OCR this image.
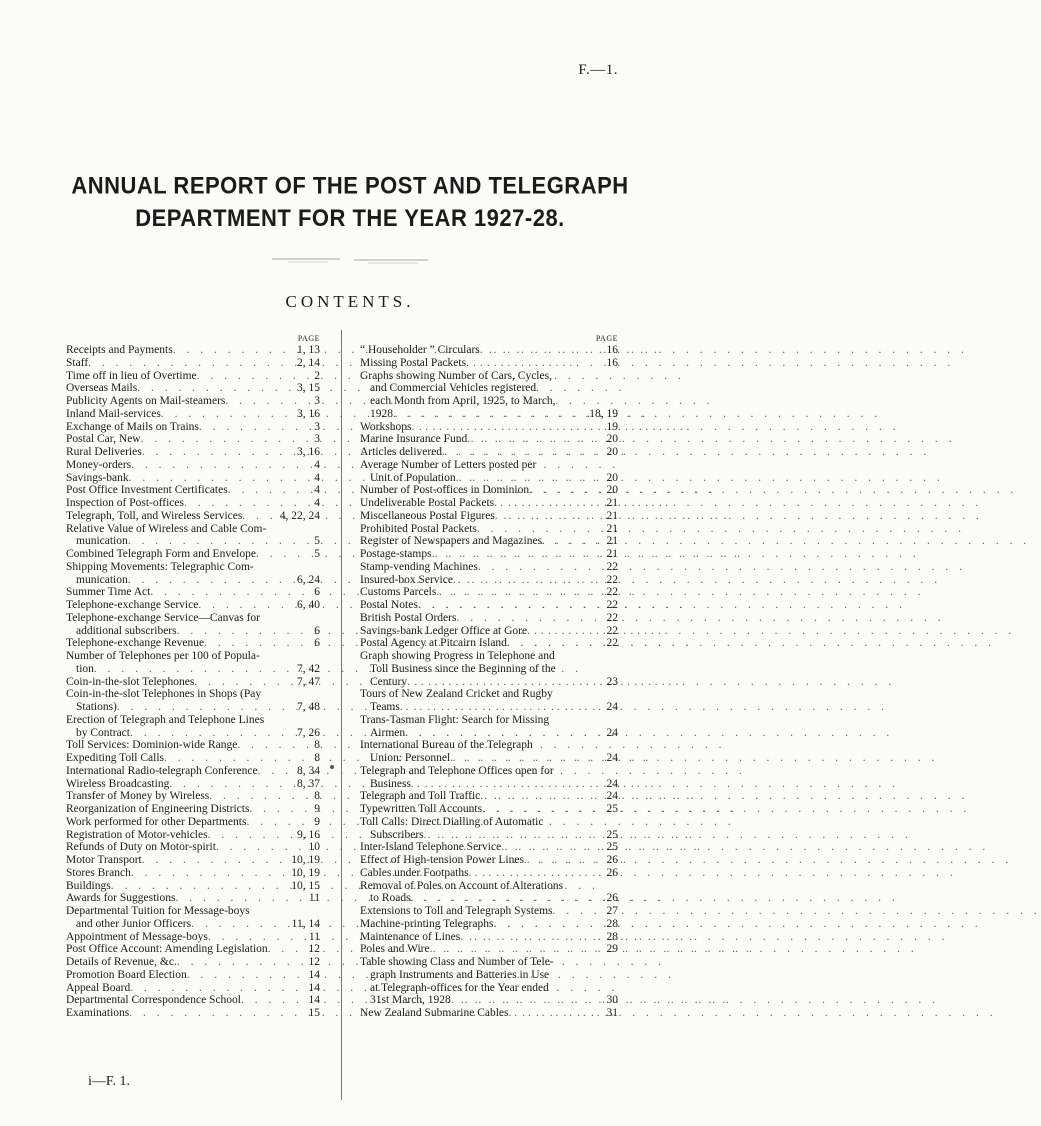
F.—1.
ANNUAL REPORT OF THE POST AND TELEGRAPH
DEPARTMENT FOR THE YEAR 1927-28.
CONTENTS.
PAGE
Receipts and Payments . . .	1, 13
Staff . . .	2, 14
Time off in lieu of Overtime . . .	2
Overseas Mails . . .	3, 15
Publicity Agents on Mail-steamers . . .	3
Inland Mail-services . . .	3, 16
Exchange of Mails on Trains . . .	3
Postal Car, New . . .	3
Rural Deliveries . . .	3, 16
Money-orders . . .	4
Savings-bank . . .	4
Post Office Investment Certificates . . .	4
Inspection of Post-offices . . .	4
Telegraph, Toll, and Wireless Services . . .	4, 22, 24
Relative Value of Wireless and Cable Com-
munication . . .	5
Combined Telegraph Form and Envelope . . .	5
Shipping Movements: Telegraphic Com-
munication . . .	6, 24
Summer Time Act . . .	6
Telephone-exchange Service . . .	6, 40
Telephone-exchange Service—Canvas for
additional subscribers . . .	6
Telephone-exchange Revenue . . .	6
Number of Telephones per 100 of Popula-
tion . . .	7, 42
Coin-in-the-slot Telephones . . .	7, 47
Coin-in-the-slot Telephones in Shops (Pay
Stations) . . .	7, 48
Erection of Telegraph and Telephone Lines
by Contract . . .	7, 26
Toll Services: Dominion-wide Range . . .	8
Expediting Toll Calls . . .	8
International Radio-telegraph Conference . . .	8, 34
Wireless Broadcasting . . .	8, 37
Transfer of Money by Wireless . . .	8
Reorganization of Engineering Districts . . .	9
Work performed for other Departments . . .	9
Registration of Motor-vehicles . . .	9, 16
Refunds of Duty on Motor-spirit . . .	10
Motor Transport . . .	10, 19
Stores Branch . . .	10, 19
Buildings . . .	10, 15
Awards for Suggestions . . .	11
Departmental Tuition for Message-boys
and other Junior Officers . . .	11, 14
Appointment of Message-boys . . .	11
Post Office Account: Amending Legislation . . .	12
Details of Revenue, &c. . . .	12
Promotion Board Election . . .	14
Appeal Board . . .	14
Departmental Correspondence School . . .	14
Examinations . . .	15
PAGE
“ Householder ” Circulars . . .	16
Missing Postal Packets . . .	16
Graphs showing Number of Cars, Cycles,
and Commercial Vehicles registered
each Month from April, 1925, to March,
1928 . . .	18, 19
Workshops . . .	19
Marine Insurance Fund . . .	20
Articles delivered . . .	20
Average Number of Letters posted per
Unit of Population . . .	20
Number of Post-offices in Dominion . . .	20
Undeliverable Postal Packets . . .	21
Miscellaneous Postal Figures . . .	21
Prohibited Postal Packets . . .	21
Register of Newspapers and Magazines . . .	21
Postage-stamps . . .	21
Stamp-vending Machines . . .	22
Insured-box Service . . .	22
Customs Parcels . . .	22
Postal Notes . . .	22
British Postal Orders . . .	22
Savings-bank Ledger Office at Gore . . .	22
Postal Agency at Pitcairn Island . . .	22
Graph showing Progress in Telephone and
Toll Business since the Beginning of the
Century . . .	23
Tours of New Zealand Cricket and Rugby
Teams . . .	24
Trans-Tasman Flight: Search for Missing
Airmen . . .	24
International Bureau of the Telegraph
Union: Personnel . . .	24
Telegraph and Telephone Offices open for
Business . . .	24
Telegraph and Toll Traffic . . .	24
Typewritten Toll Accounts . . .	25
Toll Calls: Direct Dialling of Automatic
Subscribers . . .	25
Inter-Island Telephone Service . . .	25
Effect of High-tension Power Lines . . .	26
Cables under Footpaths . . .	26
Removal of Poles on Account of Alterations
to Roads . . .	26
Extensions to Toll and Telegraph Systems . . .	27
Machine-printing Telegraphs . . .	28
Maintenance of Lines . . .	28
Poles and Wire . . .	29
Table showing Class and Number of Tele-
graph Instruments and Batteries in Use
at Telegraph-offices for the Year ended
31st March, 1928 . . .	30
New Zealand Submarine Cables . . .	31
i—F. 1.
